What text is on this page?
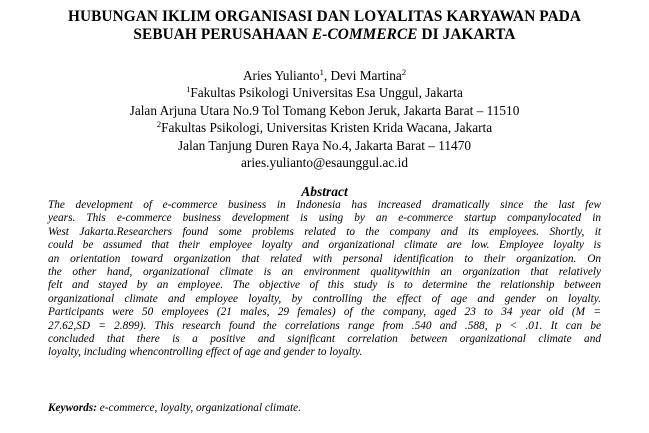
HUBUNGAN IKLIM ORGANISASI DAN LOYALITAS KARYAWAN PADA
SEBUAH PERUSAHAAN E-COMMERCE DI JAKARTA
Aries Yulianto$^1$, Devi Martina$^2$
$^1$Fakultas Psikologi Universitas Esa Unggul, Jakarta
Jalan Arjuna Utara No.9 Tol Tomang Kebon Jeruk, Jakarta Barat – 11510
$^2$Fakultas Psikologi, Universitas Kristen Krida Wacana, Jakarta
Jalan Tanjung Duren Raya No.4, Jakarta Barat – 11470
aries.yulianto@esaunggul.ac.id
Abstract
The development of e-commerce business in Indonesia has increased dramatically since the last few
years. This e-commerce business development is using by an e-commerce startup companylocated in
West Jakarta.Researchers found some problems related to the company and its employees. Shortly, it
could be assumed that their employee loyalty and organizational climate are low. Employee loyalty is
an orientation toward organization that related with personal identification to their organization. On
the other hand, organizational climate is an environment qualitywithin an organization that relatively
felt and stayed by an employee. The objective of this study is to determine the relationship between
organizational climate and employee loyalty, by controlling the effect of age and gender on loyalty.
Participants were 50 employees (21 males, 29 females) of the company, aged 23 to 34 year old (M =
27.62,SD = 2.899). This research found the correlations range from .540 and .588, p < .01. It can be
concluded that there is a positive and significant correlation between organizational climate and
loyalty, including whencontrolling effect of age and gender to loyalty.
Keywords: e-commerce, loyalty, organizational climate.
